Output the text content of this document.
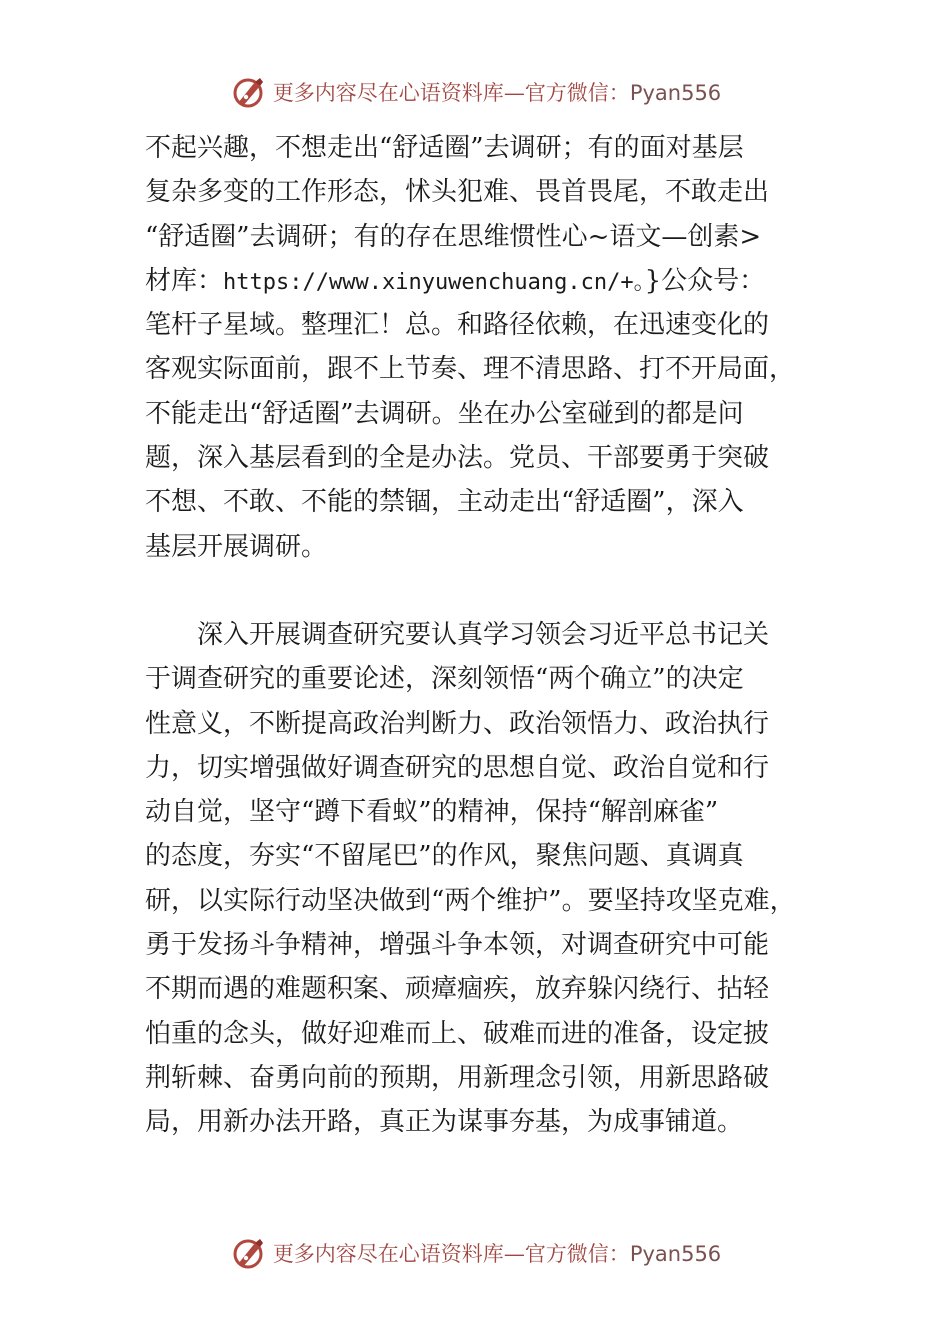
更多内容尽在心语资料库—官方微信：Pyan556
不起兴趣，不想走出“舒适圈”去调研；有的面对基层
复杂多变的工作形态，怵头犯难、畏首畏尾，不敢走出
“舒适圈”去调研；有的存在思维惯性心~语文—创素>
材库：https://www.xinyuwenchuang.cn/+。}公众号：
笔杆子星域。整理汇！总。和路径依赖，在迅速变化的
客观实际面前，跟不上节奏、理不清思路、打不开局面，
不能走出“舒适圈”去调研。坐在办公室碰到的都是问
题，深入基层看到的全是办法。党员、干部要勇于突破
不想、不敢、不能的禁锢，主动走出“舒适圈”，深入
基层开展调研。
深入开展调查研究要认真学习领会习近平总书记关
于调查研究的重要论述，深刻领悟“两个确立”的决定
性意义，不断提高政治判断力、政治领悟力、政治执行
力，切实增强做好调查研究的思想自觉、政治自觉和行
动自觉，坚守“蹲下看蚁”的精神，保持“解剖麻雀”
的态度，夯实“不留尾巴”的作风，聚焦问题、真调真
研，以实际行动坚决做到“两个维护”。要坚持攻坚克难，
勇于发扬斗争精神，增强斗争本领，对调查研究中可能
不期而遇的难题积案、顽瘴痼疾，放弃躲闪绕行、拈轻
怕重的念头，做好迎难而上、破难而进的准备，设定披
荆斩棘、奋勇向前的预期，用新理念引领，用新思路破
局，用新办法开路，真正为谋事夯基，为成事铺道。
更多内容尽在心语资料库—官方微信：Pyan556
